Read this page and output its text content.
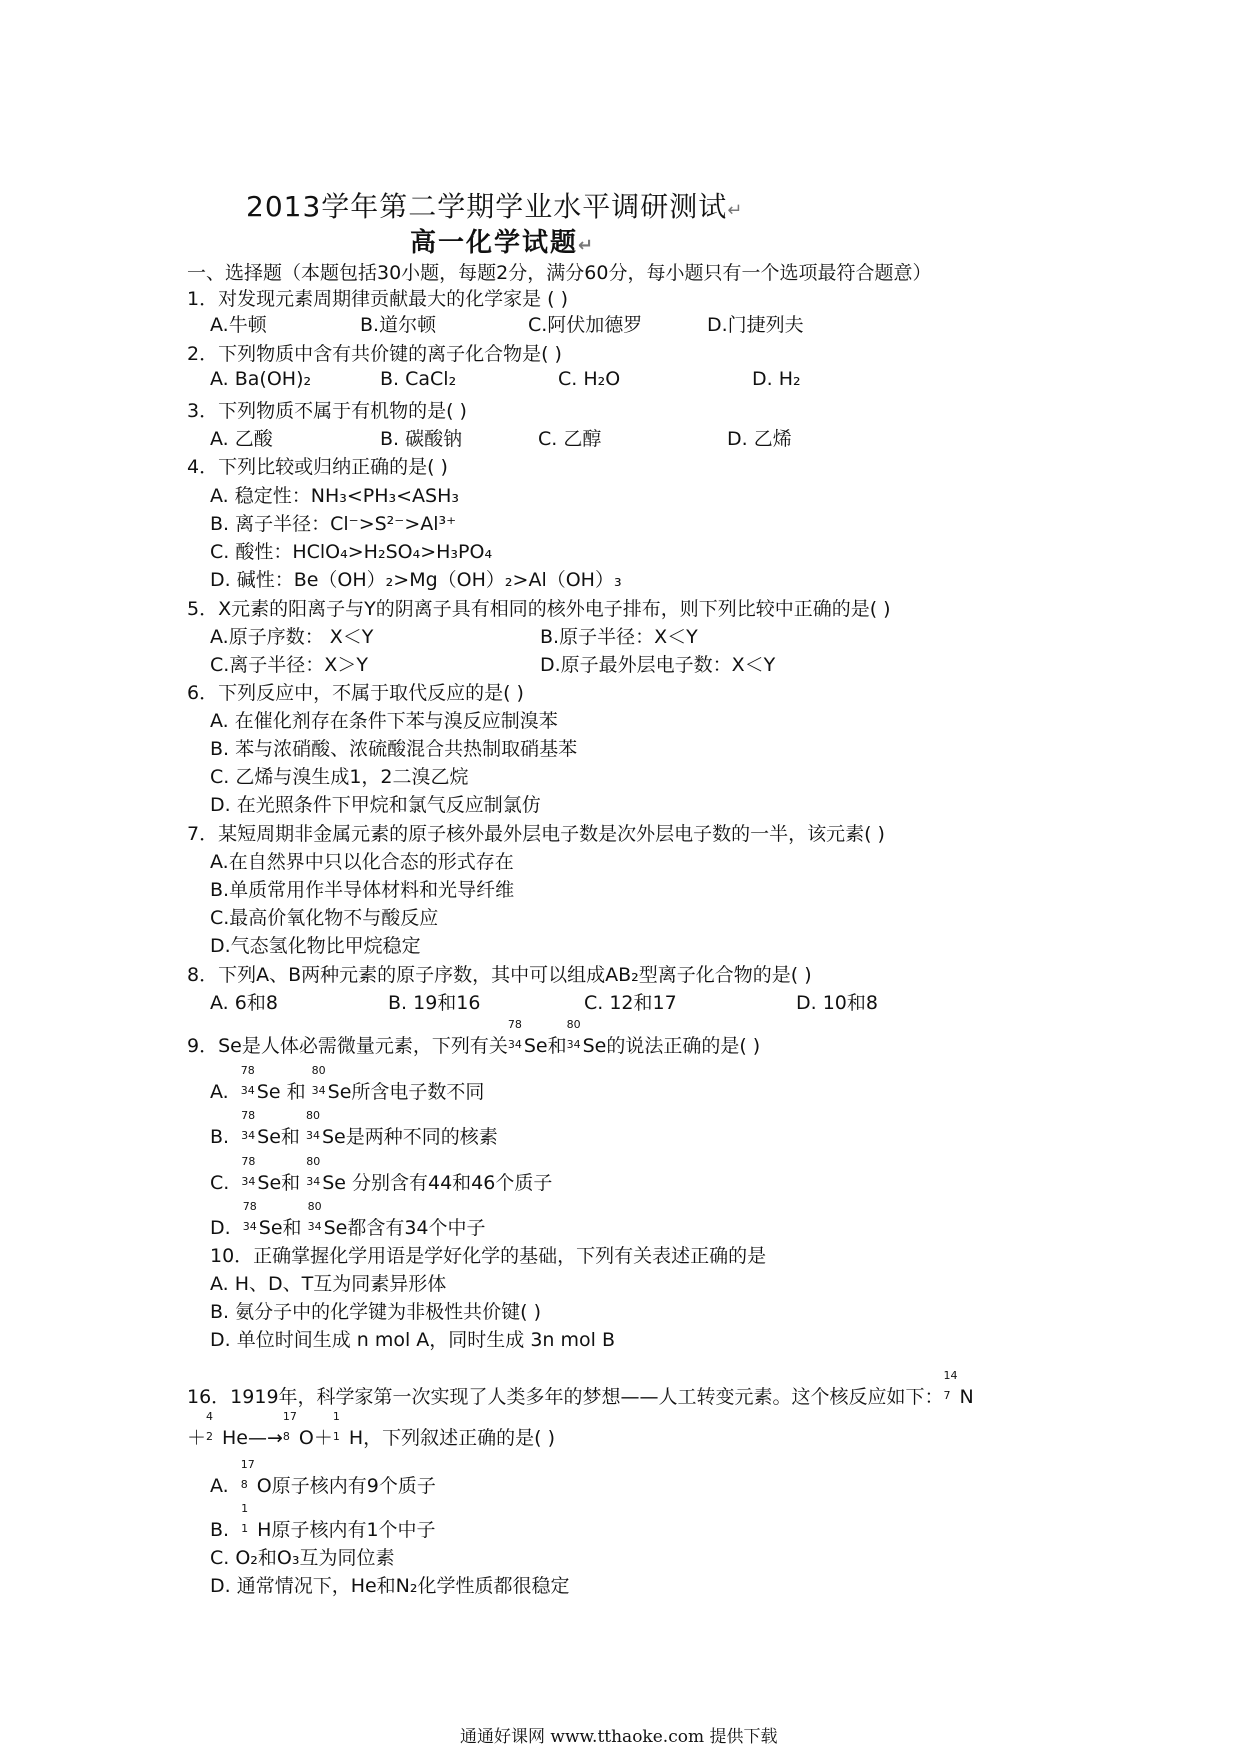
2013学年第二学期学业水平调研测试↵
高一化学试题↵
一、选择题（本题包括30小题，每题2分，满分60分，每小题只有一个选项最符合题意）
1．对发现元素周期律贡献最大的化学家是 ( )
A.牛顿	B.道尔顿	C.阿伏加德罗	D.门捷列夫
2．下列物质中含有共价键的离子化合物是( )
A. Ba(OH)₂	B. CaCl₂	C. H₂O	D. H₂
3．下列物质不属于有机物的是( )
A. 乙酸	B. 碳酸钠	C. 乙醇	D. 乙烯
4．下列比较或归纳正确的是( )
A. 稳定性：NH₃<PH₃<ASH₃
B. 离子半径：Cl⁻>S²⁻>Al³⁺
C. 酸性：HClO₄>H₂SO₄>H₃PO₄
D. 碱性：Be（OH）₂>Mg（OH）₂>Al（OH）₃
5．X元素的阳离子与Y的阴离子具有相同的核外电子排布，则下列比较中正确的是( )
A.原子序数： X＜Y	B.原子半径：X＜Y
C.离子半径：X＞Y	D.原子最外层电子数：X＜Y
6．下列反应中，不属于取代反应的是( )
A. 在催化剂存在条件下苯与溴反应制溴苯
B. 苯与浓硝酸、浓硫酸混合共热制取硝基苯
C. 乙烯与溴生成1，2二溴乙烷
D. 在光照条件下甲烷和氯气反应制氯仿
7．某短周期非金属元素的原子核外最外层电子数是次外层电子数的一半，该元素( )
A.在自然界中只以化合态的形式存在
B.单质常用作半导体材料和光导纤维
C.最高价氧化物不与酸反应
D.气态氢化物比甲烷稳定
8．下列A、B两种元素的原子序数，其中可以组成AB₂型离子化合物的是( )
A. 6和8	B. 19和16	C. 12和17	D. 10和8
9．Se是人体必需微量元素，下列有关
78
34 Se和
80
34 Se的说法正确的是( )
A.
78
34 Se 和
80
34 Se所含电子数不同
B.
78
34 Se和
80
34 Se是两种不同的核素
C.
78
34 Se和
80
34 Se 分别含有44和46个质子
D.
78
34 Se和
80
34 Se都含有34个中子
10．正确掌握化学用语是学好化学的基础，下列有关表述正确的是
A. H、D、T互为同素异形体
B. 氨分子中的化学键为非极性共价键( )
D. 单位时间生成 n mol A，同时生成 3n mol B
16．1919年，科学家第一次实现了人类多年的梦想——人工转变元素。这个核反应如下：
14
7 N
＋
4
2 He—→
17
8 O＋
1
1 H，下列叙述正确的是( )
A.
17
8 O原子核内有9个质子
B.
1
1 H原子核内有1个中子
C. O₂和O₃互为同位素
D. 通常情况下，He和N₂化学性质都很稳定
通通好课网 www.tthaoke.com 提供下载
